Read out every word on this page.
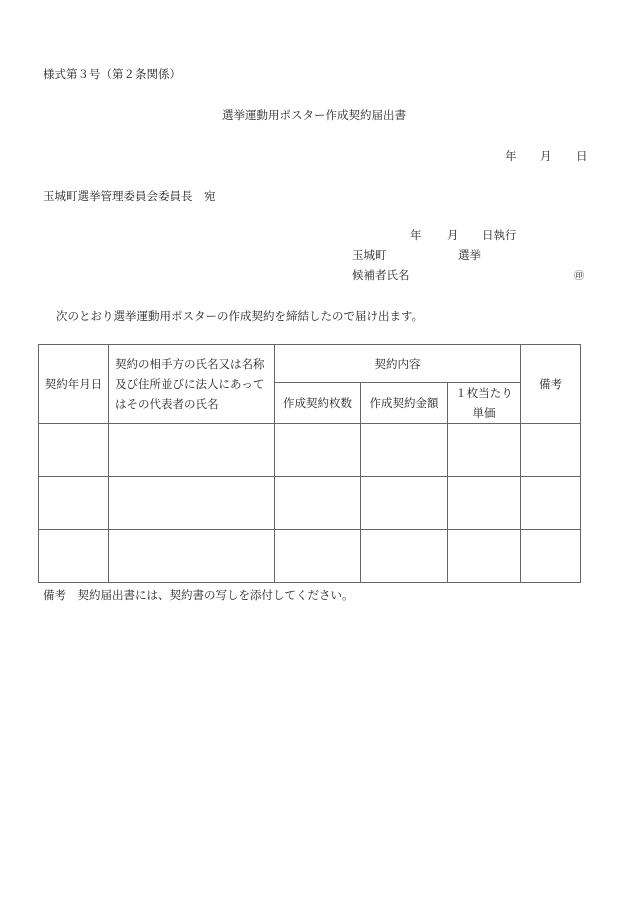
様式第３号（第２条関係）
選挙運動用ポスター作成契約届出書
年 月 日
玉城町選挙管理委員会委員長　宛
年 月 日執行
玉城町	選挙
候補者氏名	㊞
次のとおり選挙運動用ポスターの作成契約を締結したので届け出ます。
契約年月日	契約の相手方の氏名又は名称
及び住所並びに法人にあって
はその代表者の氏名	契約内容			備考
		作成契約枚数	作成契約金額	１枚当たり
単価	

備考　契約届出書には、契約書の写しを添付してください。
